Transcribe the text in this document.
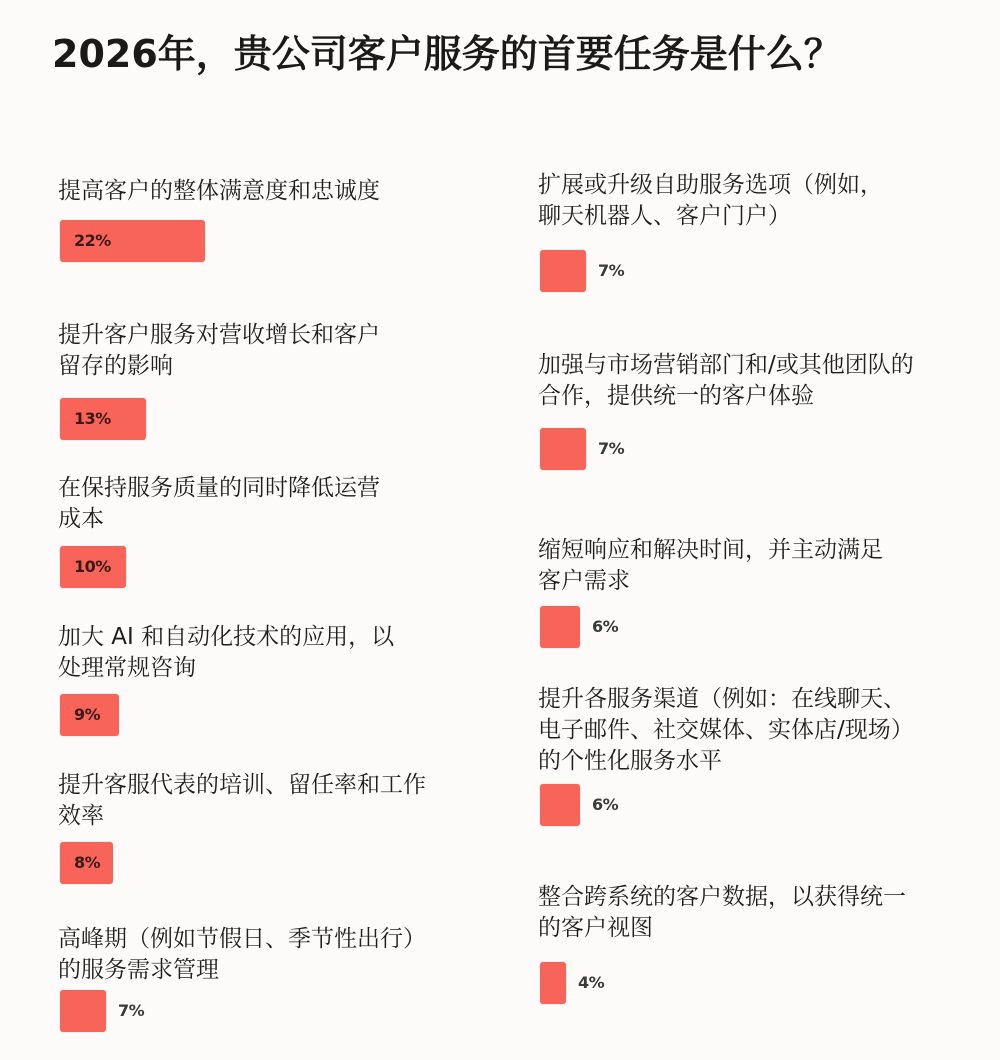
2026年，贵公司客户服务的首要任务是什么？
提高客户的整体满意度和忠诚度
22%
提升客户服务对营收增长和客户
留存的影响
13%
在保持服务质量的同时降低运营
成本
10%
加大 AI 和自动化技术的应用，以
处理常规咨询
9%
提升客服代表的培训、留任率和工作
效率
8%
高峰期（例如节假日、季节性出行）
的服务需求管理
7%
扩展或升级自助服务选项（例如，
聊天机器人、客户门户）
7%
加强与市场营销部门和/或其他团队的
合作，提供统一的客户体验
7%
缩短响应和解决时间，并主动满足
客户需求
6%
提升各服务渠道（例如：在线聊天、
电子邮件、社交媒体、实体店/现场）
的个性化服务水平
6%
整合跨系统的客户数据，以获得统一
的客户视图
4%
